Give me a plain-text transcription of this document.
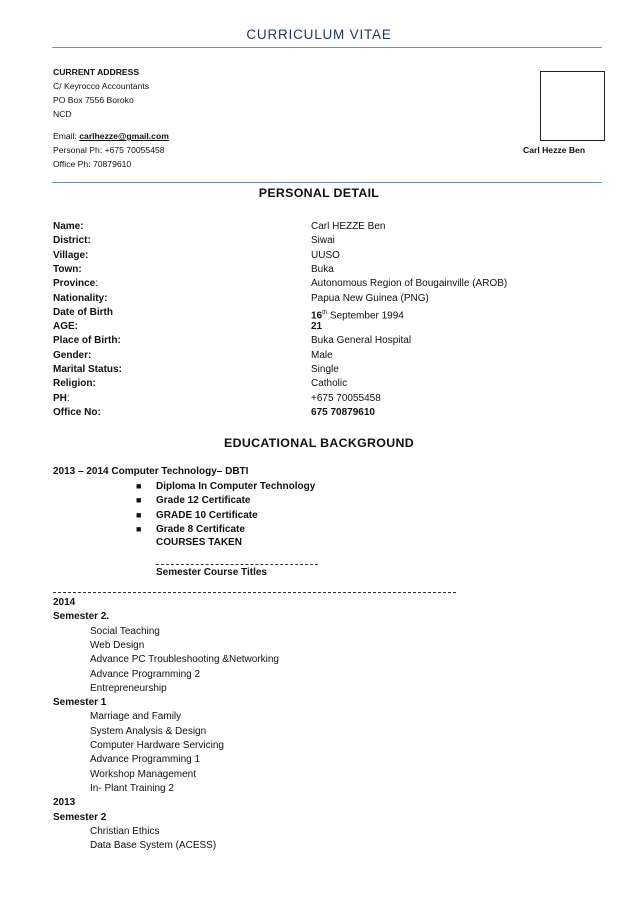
CURRICULUM VITAE
CURRENT ADDRESS
C/ Keyrocco Accountants
PO Box 7556 Boroko
NCD
Email: carlhezze@gmail.com
Personal Ph: +675 70055458
Office Ph: 70879610
Carl Hezze Ben
PERSONAL DETAIL
Name:	Carl HEZZE Ben
District:	Siwai
Village:	UUSO
Town:	Buka
Province:	Autonomous Region of Bougainville (AROB)
Nationality:	Papua New Guinea (PNG)
Date of Birth	16th September 1994
AGE:	21
Place of Birth:	Buka General Hospital
Gender:	Male
Marital Status:	Single
Religion:	Catholic
PH:	+675 70055458
Office No:	675 70879610
EDUCATIONAL BACKGROUND
2013 – 2014 Computer Technology– DBTI
■ Diploma In Computer Technology
■ Grade 12 Certificate
■ GRADE 10 Certificate
■ Grade 8 Certificate
COURSES TAKEN
Semester Course Titles
2014
Semester 2.
Social Teaching
Web Design
Advance PC Troubleshooting &Networking
Advance Programming 2
Entrepreneurship
Semester 1
Marriage and Family
System Analysis & Design
Computer Hardware Servicing
Advance Programming 1
Workshop Management
In- Plant Training 2
2013
Semester 2
Christian Ethics
Data Base System (ACESS)
